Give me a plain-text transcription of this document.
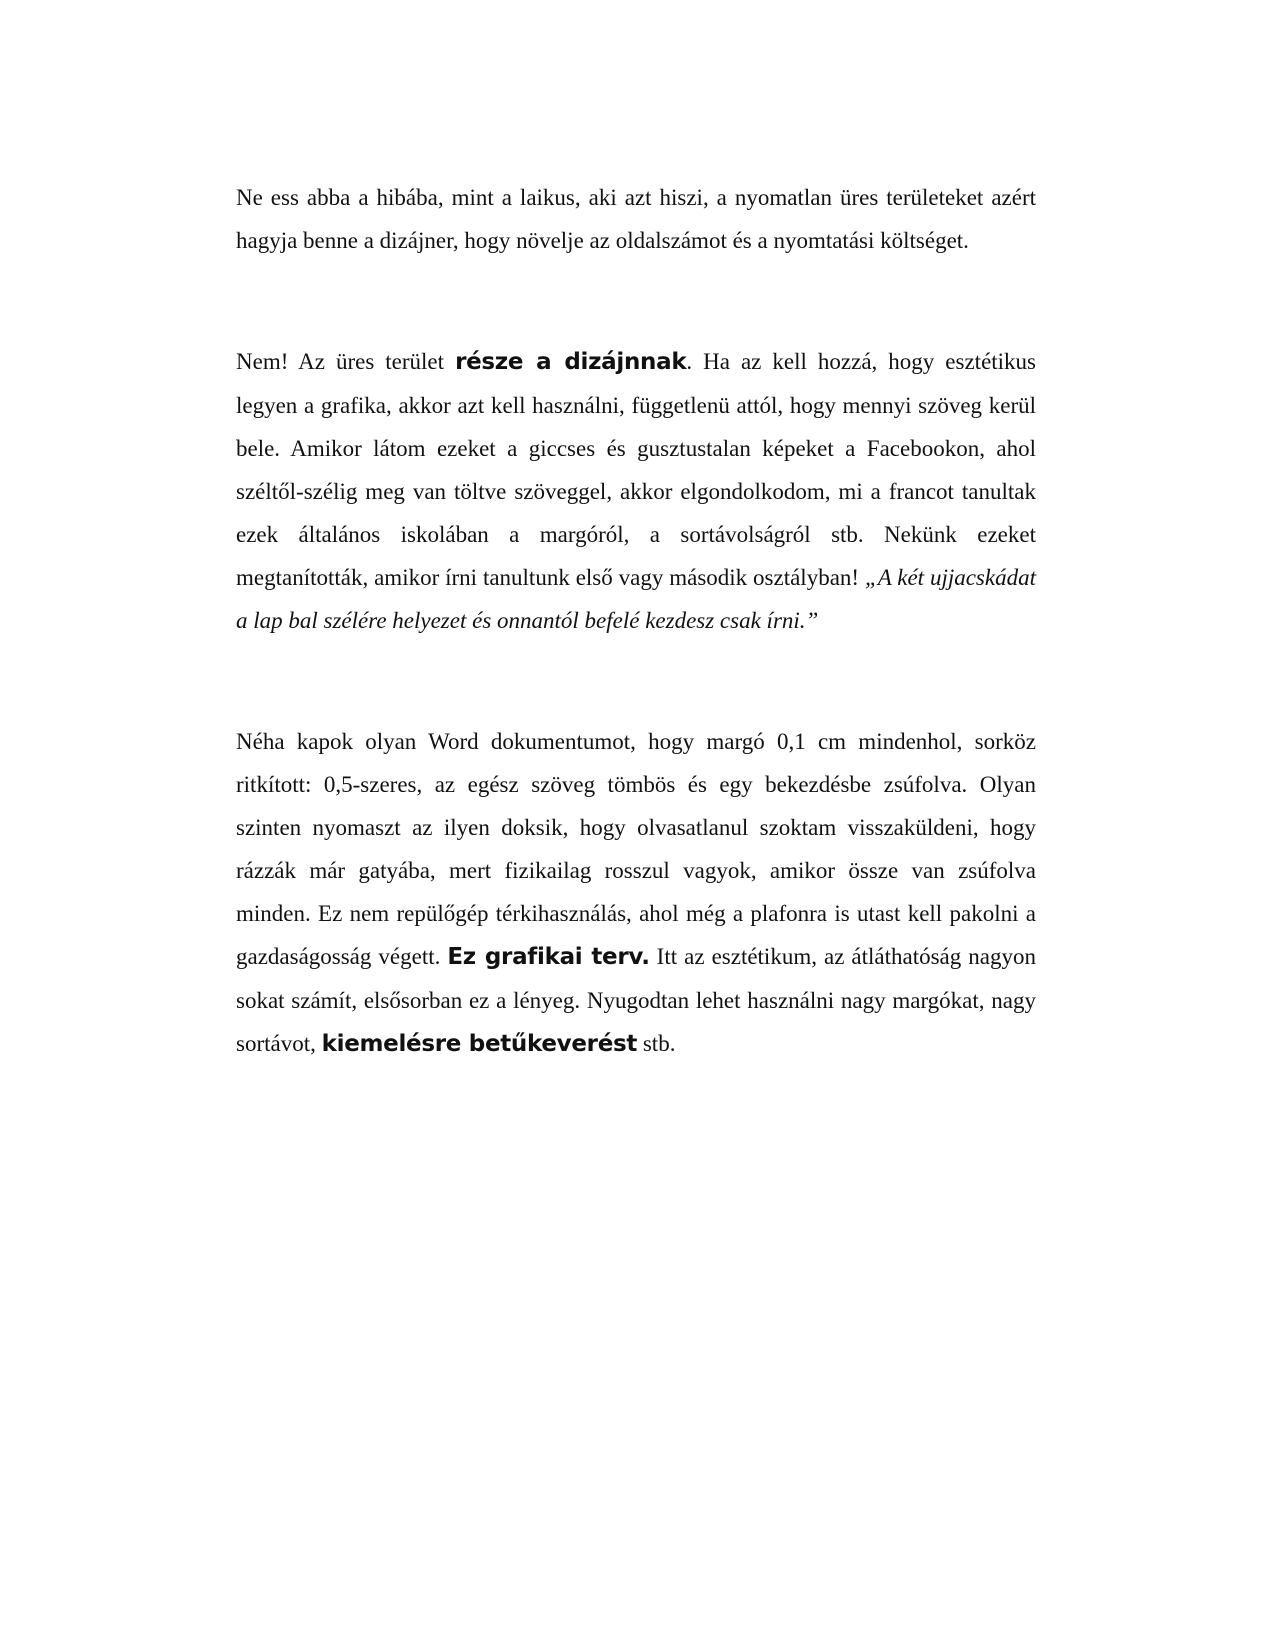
Ne ess abba a hibába, mint a laikus, aki azt hiszi, a nyomatlan üres területeket azért hagyja benne a dizájner, hogy növelje az oldalszámot és a nyomtatási költséget.

Nem! Az üres terület része a dizájnnak. Ha az kell hozzá, hogy esztétikus legyen a grafika, akkor azt kell használni, függetlenü attól, hogy mennyi szöveg kerül bele. Amikor látom ezeket a giccses és gusztustalan képeket a Facebookon, ahol széltől-szélig meg van töltve szöveggel, akkor elgondolkodom, mi a francot tanultak ezek általános iskolában a margóról, a sortávolságról stb. Nekünk ezeket megtanították, amikor írni tanultunk első vagy második osztályban! „A két ujjacskádat a lap bal szélére helyezet és onnantól befelé kezdesz csak írni.”

Néha kapok olyan Word dokumentumot, hogy margó 0,1 cm mindenhol, sorköz ritkított: 0,5-szeres, az egész szöveg tömbös és egy bekezdésbe zsúfolva. Olyan szinten nyomaszt az ilyen doksik, hogy olvasatlanul szoktam visszaküldeni, hogy rázzák már gatyába, mert fizikailag rosszul vagyok, amikor össze van zsúfolva minden. Ez nem repülőgép térkihasználás, ahol még a plafonra is utast kell pakolni a gazdaságosság végett. Ez grafikai terv. Itt az esztétikum, az átláthatóság nagyon sokat számít, elsősorban ez a lényeg. Nyugodtan lehet használni nagy margókat, nagy sortávot, kiemelésre betűkeverést stb.
